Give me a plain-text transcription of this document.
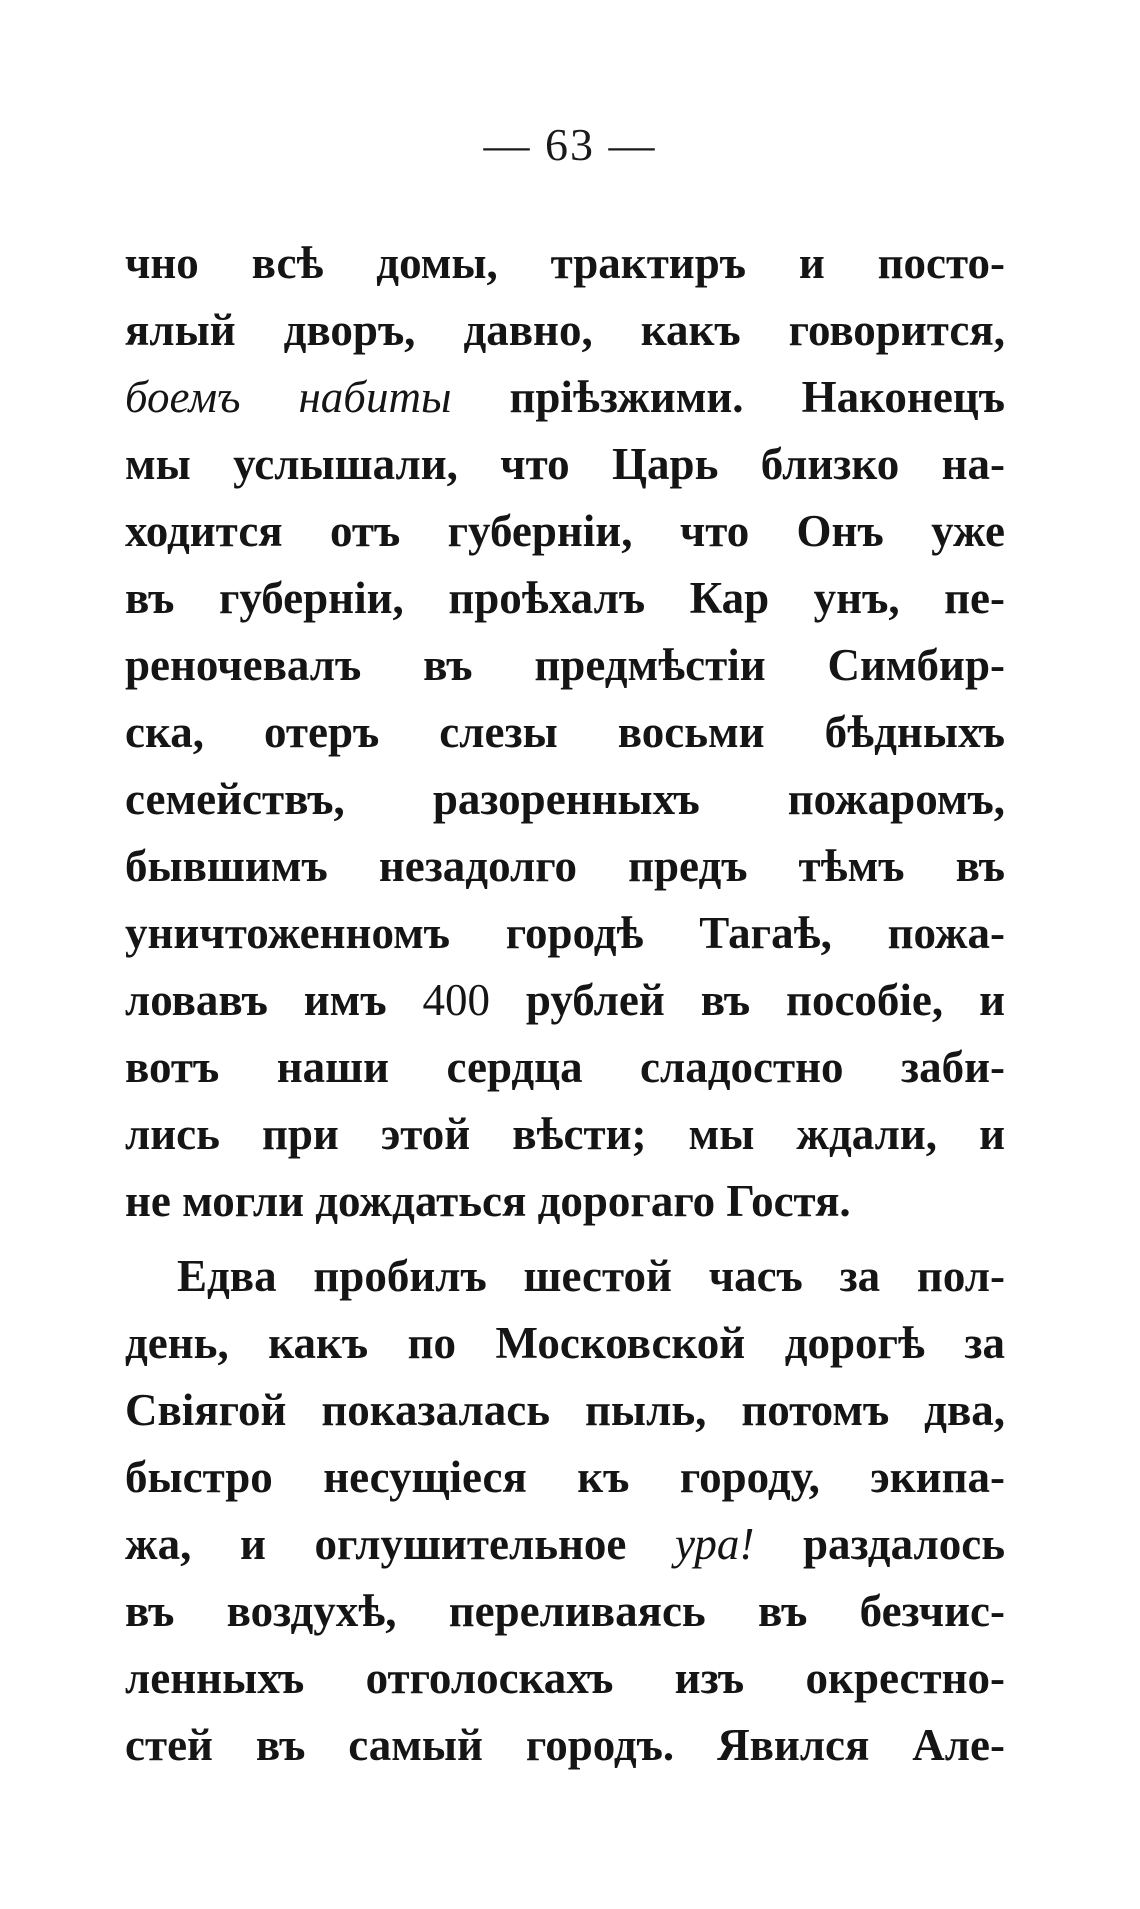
— 63 —
чно всѣ домы, трактиръ и посто-
ялый дворъ, давно, какъ говорится,
боемъ набиты пріѣзжими. Наконецъ
мы услышали, что Царь близко на-
ходится отъ губерніи, что Онъ уже
въ губерніи, проѣхалъ Кар унъ, пе-
реночевалъ въ предмѣстіи Симбир-
ска, отеръ слезы восьми бѣдныхъ
семействъ, разоренныхъ пожаромъ,
бывшимъ незадолго предъ тѣмъ въ
уничтоженномъ городѣ Тагаѣ, пожа-
ловавъ имъ 400 рублей въ пособіе, и
вотъ наши сердца сладостно заби-
лись при этой вѣсти; мы ждали, и
не могли дождаться дорогаго Гостя.
Едва пробилъ шестой часъ за пол-
день, какъ по Московской дорогѣ за
Свіягой показалась пыль, потомъ два,
быстро несущіеся къ городу, экипа-
жа, и оглушительное ура! раздалось
въ воздухѣ, переливаясь въ безчис-
ленныхъ отголоскахъ изъ окрестно-
стей въ самый городъ. Явился Але-
